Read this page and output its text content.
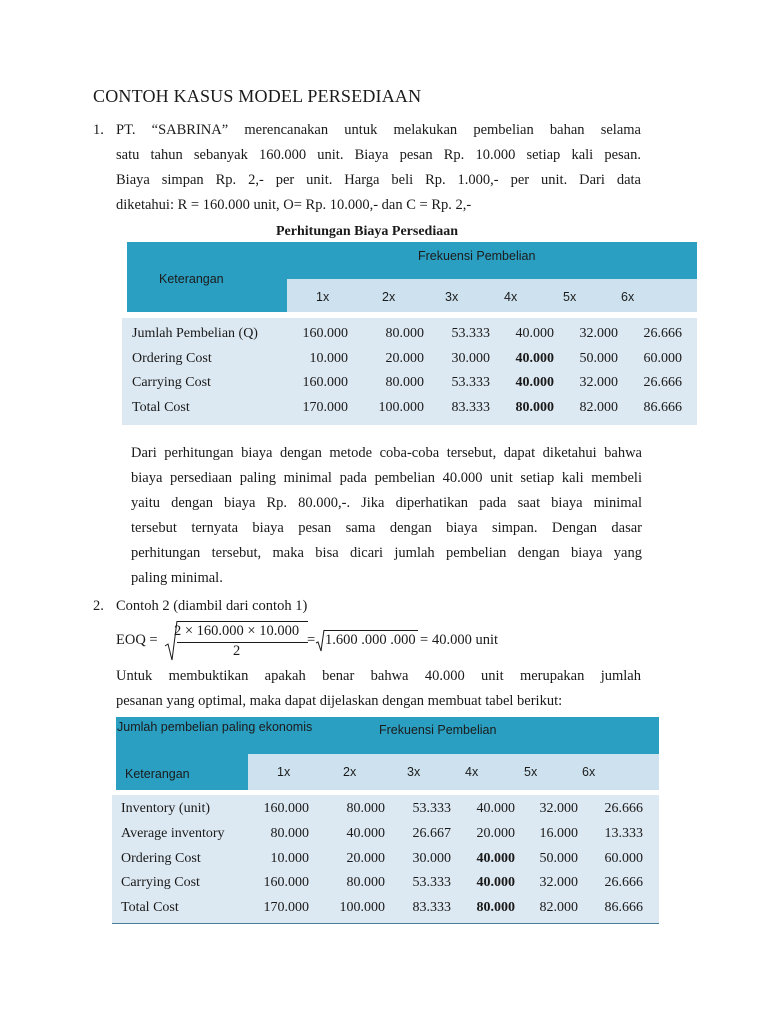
CONTOH KASUS MODEL PERSEDIAAN
1. PT. “SABRINA” merencanakan untuk melakukan pembelian bahan selama
satu tahun sebanyak 160.000 unit. Biaya pesan Rp. 10.000 setiap kali pesan.
Biaya simpan Rp. 2,- per unit. Harga beli Rp. 1.000,- per unit. Dari data
diketahui: R = 160.000 unit, O= Rp. 10.000,- dan C = Rp. 2,-
Perhitungan Biaya Persediaan
Frekuensi Pembelian
Keterangan
1x	2x	3x	4x	5x	6x
Jumlah Pembelian (Q)	160.000	80.000	53.333	40.000	32.000	26.666
Ordering Cost	10.000	20.000	30.000	40.000	50.000	60.000
Carrying Cost	160.000	80.000	53.333	40.000	32.000	26.666
Total Cost	170.000	100.000	83.333	80.000	82.000	86.666
Dari perhitungan biaya dengan metode coba-coba tersebut, dapat diketahui bahwa
biaya persediaan paling minimal pada pembelian 40.000 unit setiap kali membeli
yaitu dengan biaya Rp. 80.000,-. Jika diperhatikan pada saat biaya minimal
tersebut ternyata biaya pesan sama dengan biaya simpan. Dengan dasar
perhitungan tersebut, maka bisa dicari jumlah pembelian dengan biaya yang
paling minimal.
2. Contoh 2 (diambil dari contoh 1)
EOQ =
2 × 160.000 × 10.000
2
= 1.600 .000 .000 = 40.000 unit
Untuk membuktikan apakah benar bahwa 40.000 unit merupakan jumlah
pesanan yang optimal, maka dapat dijelaskan dengan membuat tabel berikut:
Jumlah pembelian paling ekonomis	Frekuensi Pembelian
Keterangan	1x	2x	3x	4x	5x	6x
Inventory (unit)	160.000	80.000	53.333	40.000	32.000	26.666
Average inventory	80.000	40.000	26.667	20.000	16.000	13.333
Ordering Cost	10.000	20.000	30.000	40.000	50.000	60.000
Carrying Cost	160.000	80.000	53.333	40.000	32.000	26.666
Total Cost	170.000	100.000	83.333	80.000	82.000	86.666
